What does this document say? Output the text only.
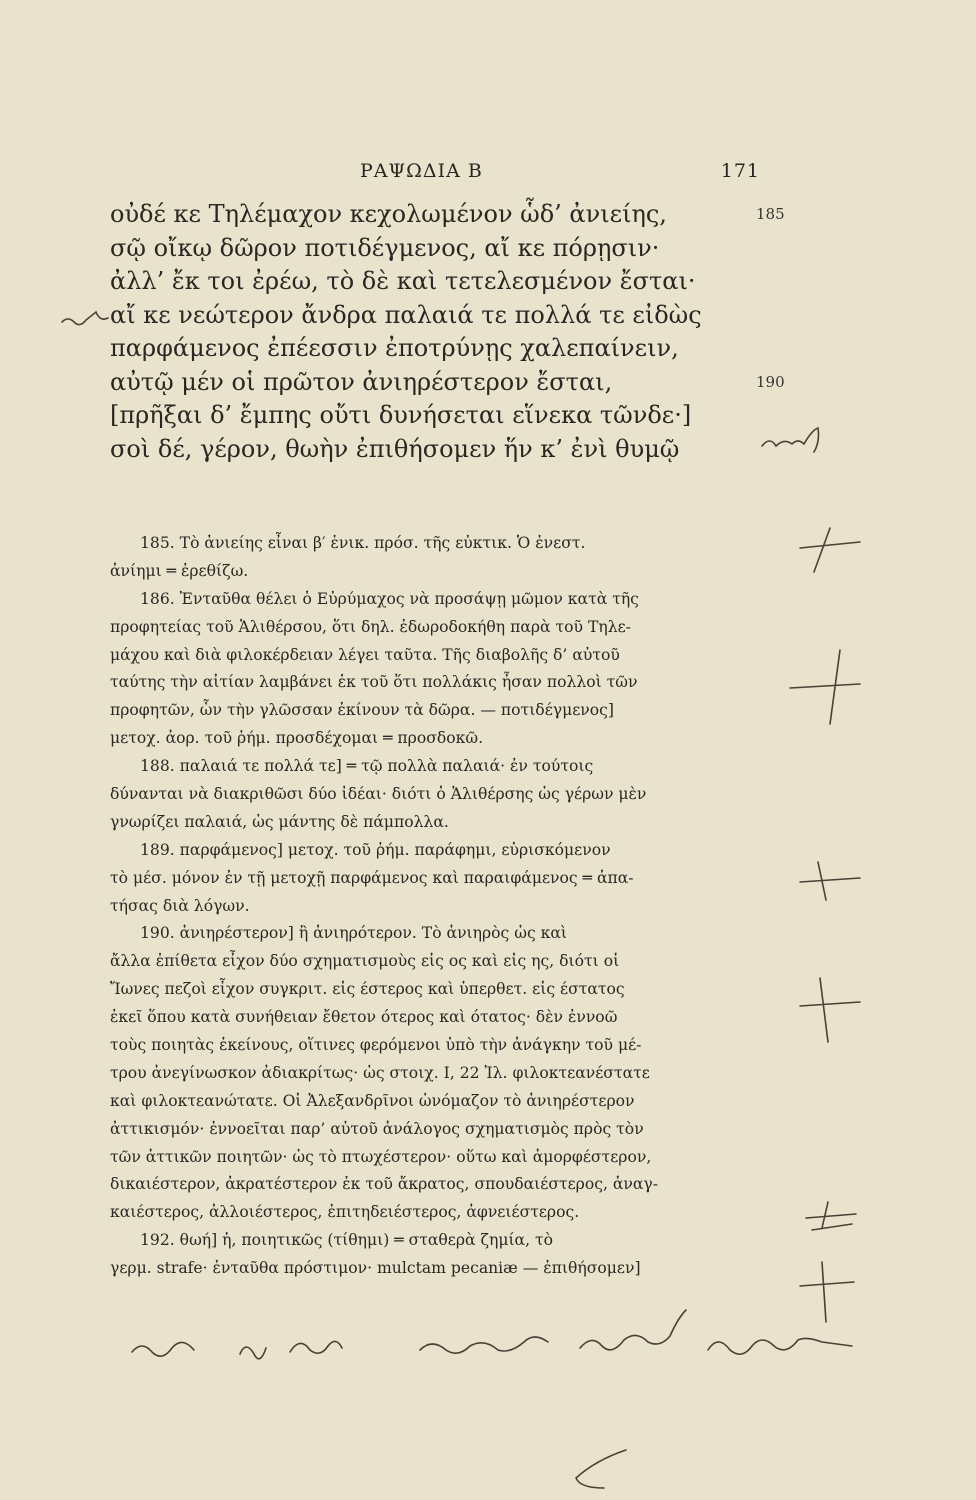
ΡΑΨΩΔΙΑ Β	171
οὐδέ κε Τηλέμαχον κεχολωμένον ὧδ’ ἀνιείης,	185
σῷ οἴκῳ δῶρον ποτιδέγμενος, αἴ κε πόρῃσιν·
ἀλλ’ ἔκ τοι ἐρέω, τὸ δὲ καὶ τετελεσμένον ἔσται·
αἴ κε νεώτερον ἄνδρα παλαιά τε πολλά τε εἰδὼς
παρφάμενος ἐπέεσσιν ἐποτρύνῃς χαλεπαίνειν,
αὐτῷ μέν οἱ πρῶτον ἀνιηρέστερον ἔσται,	190
[πρῆξαι δ’ ἔμπης οὔτι δυνήσεται εἵνεκα τῶνδε·]
σοὶ δέ, γέρον, θωὴν ἐπιθήσομεν ἥν κ’ ἐνὶ θυμῷ
185. Τὸ ἀνιείης εἶναι β′ ἑνικ. πρόσ. τῆς εὐκτικ. Ὁ ἐνεστ.
ἀνίημι ═ ἐρεθίζω.
186. Ἐνταῦθα θέλει ὁ Εὐρύμαχος νὰ προσάψῃ μῶμον κατὰ τῆς
προφητείας τοῦ Ἁλιθέρσου, ὅτι δηλ. ἐδωροδοκήθη παρὰ τοῦ Τηλε-
μάχου καὶ διὰ φιλοκέρδειαν λέγει ταῦτα. Τῆς διαβολῆς δ’ αὐτοῦ
ταύτης τὴν αἰτίαν λαμβάνει ἐκ τοῦ ὅτι πολλάκις ἦσαν πολλοὶ τῶν
προφητῶν, ὧν τὴν γλῶσσαν ἐκίνουν τὰ δῶρα. — ποτιδέγμενος]
μετοχ. ἀορ. τοῦ ῥήμ. προσδέχομαι ═ προσδοκῶ.
188. παλαιά τε πολλά τε] ═ τῷ πολλὰ παλαιά· ἐν τούτοις
δύνανται νὰ διακριθῶσι δύο ἰδέαι· διότι ὁ Ἁλιθέρσης ὡς γέρων μὲν
γνωρίζει παλαιά, ὡς μάντης δὲ πάμπολλα.
189. παρφάμενος] μετοχ. τοῦ ῥήμ. παράφημι, εὑρισκόμενον
τὸ μέσ. μόνον ἐν τῇ μετοχῇ παρφάμενος καὶ παραιφάμενος ═ ἀπα-
τήσας διὰ λόγων.
190. ἀνιηρέστερον] ἢ ἀνιηρότερον. Τὸ ἀνιηρὸς ὡς καὶ
ἄλλα ἐπίθετα εἶχον δύο σχηματισμοὺς εἰς ος καὶ εἰς ης, διότι οἱ
Ἴωνες πεζοὶ εἶχον συγκριτ. εἰς έστερος καὶ ὑπερθετ. εἰς έστατος
ἐκεῖ ὅπου κατὰ συνήθειαν ἔθετον ότερος καὶ ότατος· δὲν ἐννοῶ
τοὺς ποιητὰς ἐκείνους, οἵτινες φερόμενοι ὑπὸ τὴν ἀνάγκην τοῦ μέ-
τρου ἀνεγίνωσκον ἀδιακρίτως· ὡς στοιχ. Ι, 22 Ἰλ. φιλοκτεανέστατε
καὶ φιλοκτεανώτατε. Οἱ Ἀλεξανδρῖνοι ὠνόμαζον τὸ ἀνιηρέστερον
ἀττικισμόν· ἐννοεῖται παρ’ αὐτοῦ ἀνάλογος σχηματισμὸς πρὸς τὸν
τῶν ἀττικῶν ποιητῶν· ὡς τὸ πτωχέστερον· οὕτω καὶ ἀμορφέστερον,
δικαιέστερον, ἀκρατέστερον ἐκ τοῦ ἄκρατος, σπουδαιέστερος, ἀναγ-
καιέστερος, ἀλλοιέστερος, ἐπιτηδειέστερος, ἀφνειέστερος.
192. θωή] ἡ, ποιητικῶς (τίθημι) ═ σταθερὰ ζημία, τὸ
γερμ. strafe· ἐνταῦθα πρόστιμον· mulctam pecaniæ — ἐπιθήσομεν]
